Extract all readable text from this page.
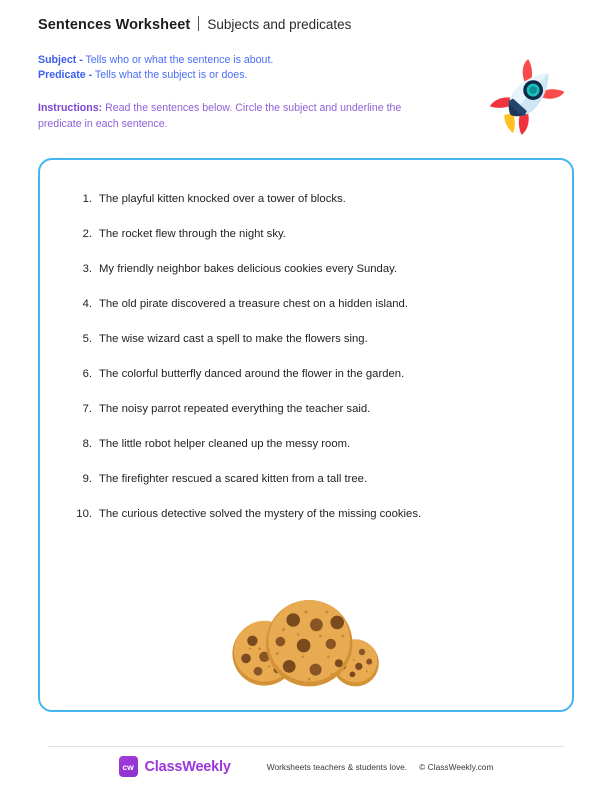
Sentences Worksheet Subjects and predicates
Subject - Tells who or what the sentence is about.
Predicate - Tells what the subject is or does.
Instructions: Read the sentences below. Circle the subject and underline the predicate in each sentence.
1. The playful kitten knocked over a tower of blocks.
2. The rocket flew through the night sky.
3. My friendly neighbor bakes delicious cookies every Sunday.
4. The old pirate discovered a treasure chest on a hidden island.
5. The wise wizard cast a spell to make the flowers sing.
6. The colorful butterfly danced around the flower in the garden.
7. The noisy parrot repeated everything the teacher said.
8. The little robot helper cleaned up the messy room.
9. The firefighter rescued a scared kitten from a tall tree.
10. The curious detective solved the mystery of the missing cookies.
cw ClassWeekly	Worksheets teachers & students love. © ClassWeekly.com
